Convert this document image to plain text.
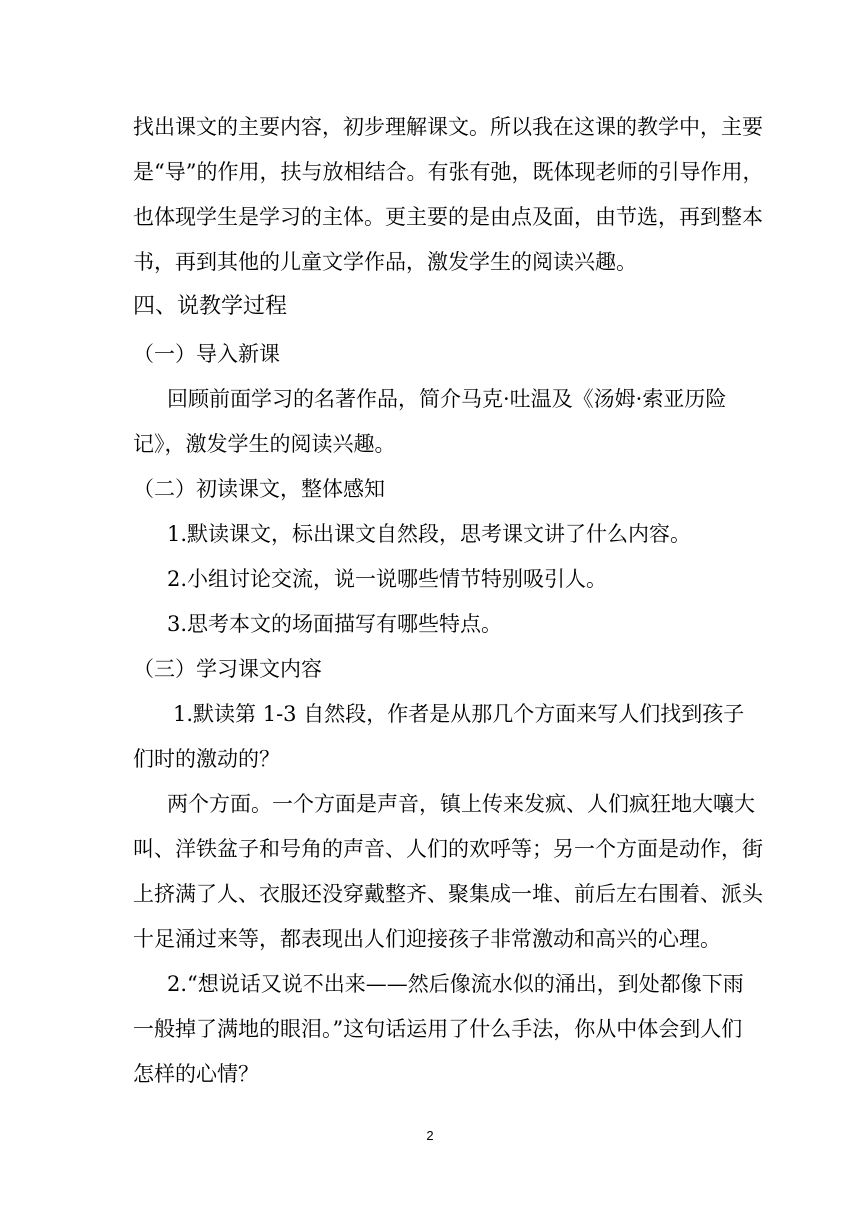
找出课文的主要内容，初步理解课文。所以我在这课的教学中，主要
是“导”的作用，扶与放相结合。有张有弛，既体现老师的引导作用，
也体现学生是学习的主体。更主要的是由点及面，由节选，再到整本
书，再到其他的儿童文学作品，激发学生的阅读兴趣。
四、说教学过程
（一）导入新课
回顾前面学习的名著作品，简介马克·吐温及《汤姆·索亚历险
记》，激发学生的阅读兴趣。
（二）初读课文，整体感知
1.默读课文，标出课文自然段，思考课文讲了什么内容。
2.小组讨论交流，说一说哪些情节特别吸引人。
3.思考本文的场面描写有哪些特点。
（三）学习课文内容
1.默读第 1-3 自然段，作者是从那几个方面来写人们找到孩子
们时的激动的？
两个方面。一个方面是声音，镇上传来发疯、人们疯狂地大嚷大
叫、洋铁盆子和号角的声音、人们的欢呼等；另一个方面是动作，街
上挤满了人、衣服还没穿戴整齐、聚集成一堆、前后左右围着、派头
十足涌过来等，都表现出人们迎接孩子非常激动和高兴的心理。
2.“想说话又说不出来——然后像流水似的涌出，到处都像下雨
一般掉了满地的眼泪。”这句话运用了什么手法，你从中体会到人们
怎样的心情？
2
